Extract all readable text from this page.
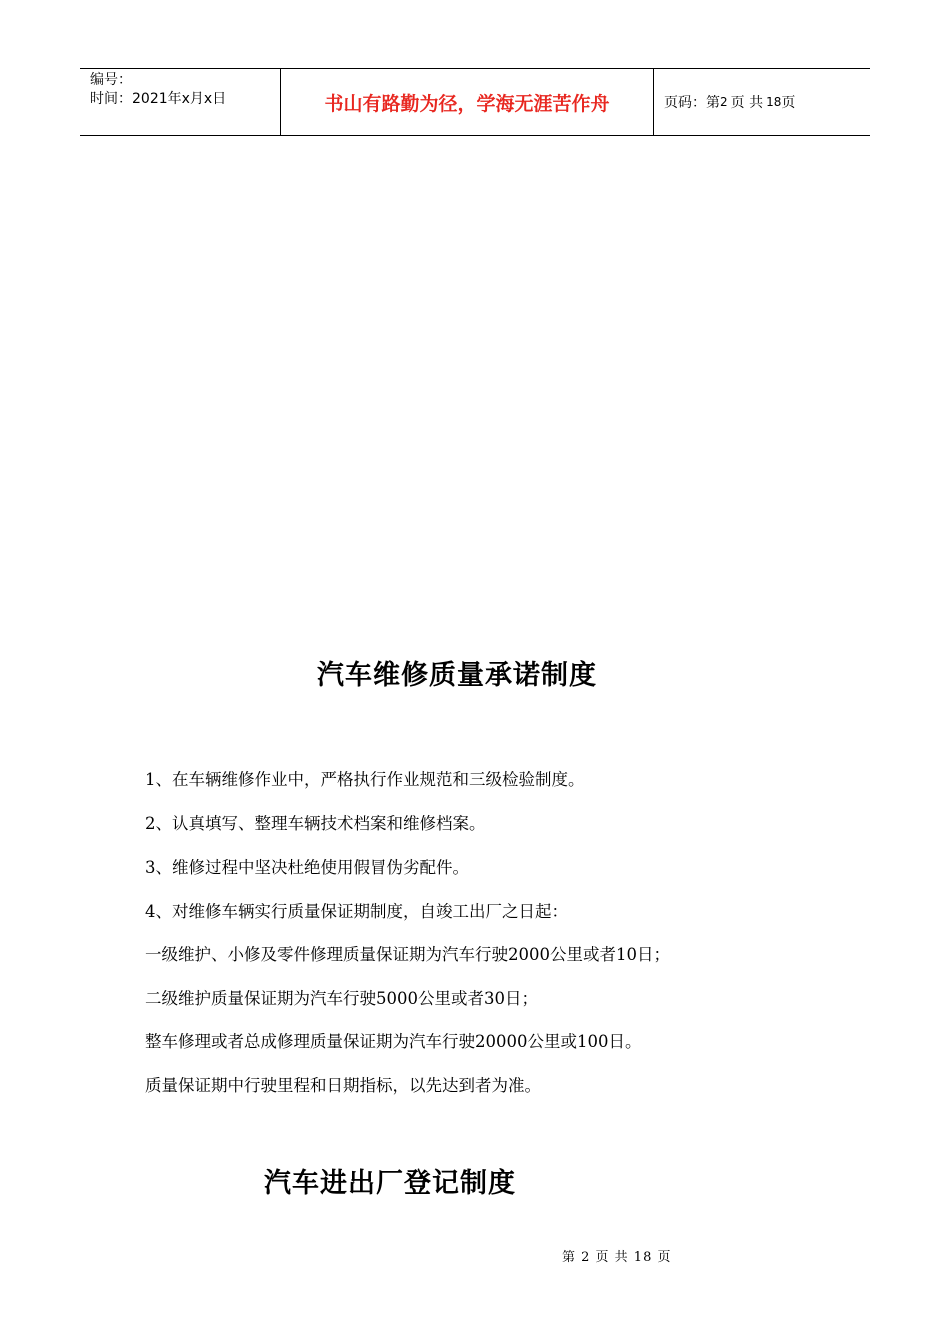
编号：
时间：2021年x月x日	书山有路勤为径，学海无涯苦作舟	页码：第 2 页 共 18 页
汽车维修质量承诺制度
1、在车辆维修作业中，严格执行作业规范和三级检验制度。
2、认真填写、整理车辆技术档案和维修档案。
3、维修过程中坚决杜绝使用假冒伪劣配件。
4、对维修车辆实行质量保证期制度，自竣工出厂之日起：
一级维护、小修及零件修理质量保证期为汽车行驶2000公里或者10日；
二级维护质量保证期为汽车行驶5000公里或者30日；
整车修理或者总成修理质量保证期为汽车行驶20000公里或100日。
质量保证期中行驶里程和日期指标，以先达到者为准。
汽车进出厂登记制度
第 2 页 共 18 页
